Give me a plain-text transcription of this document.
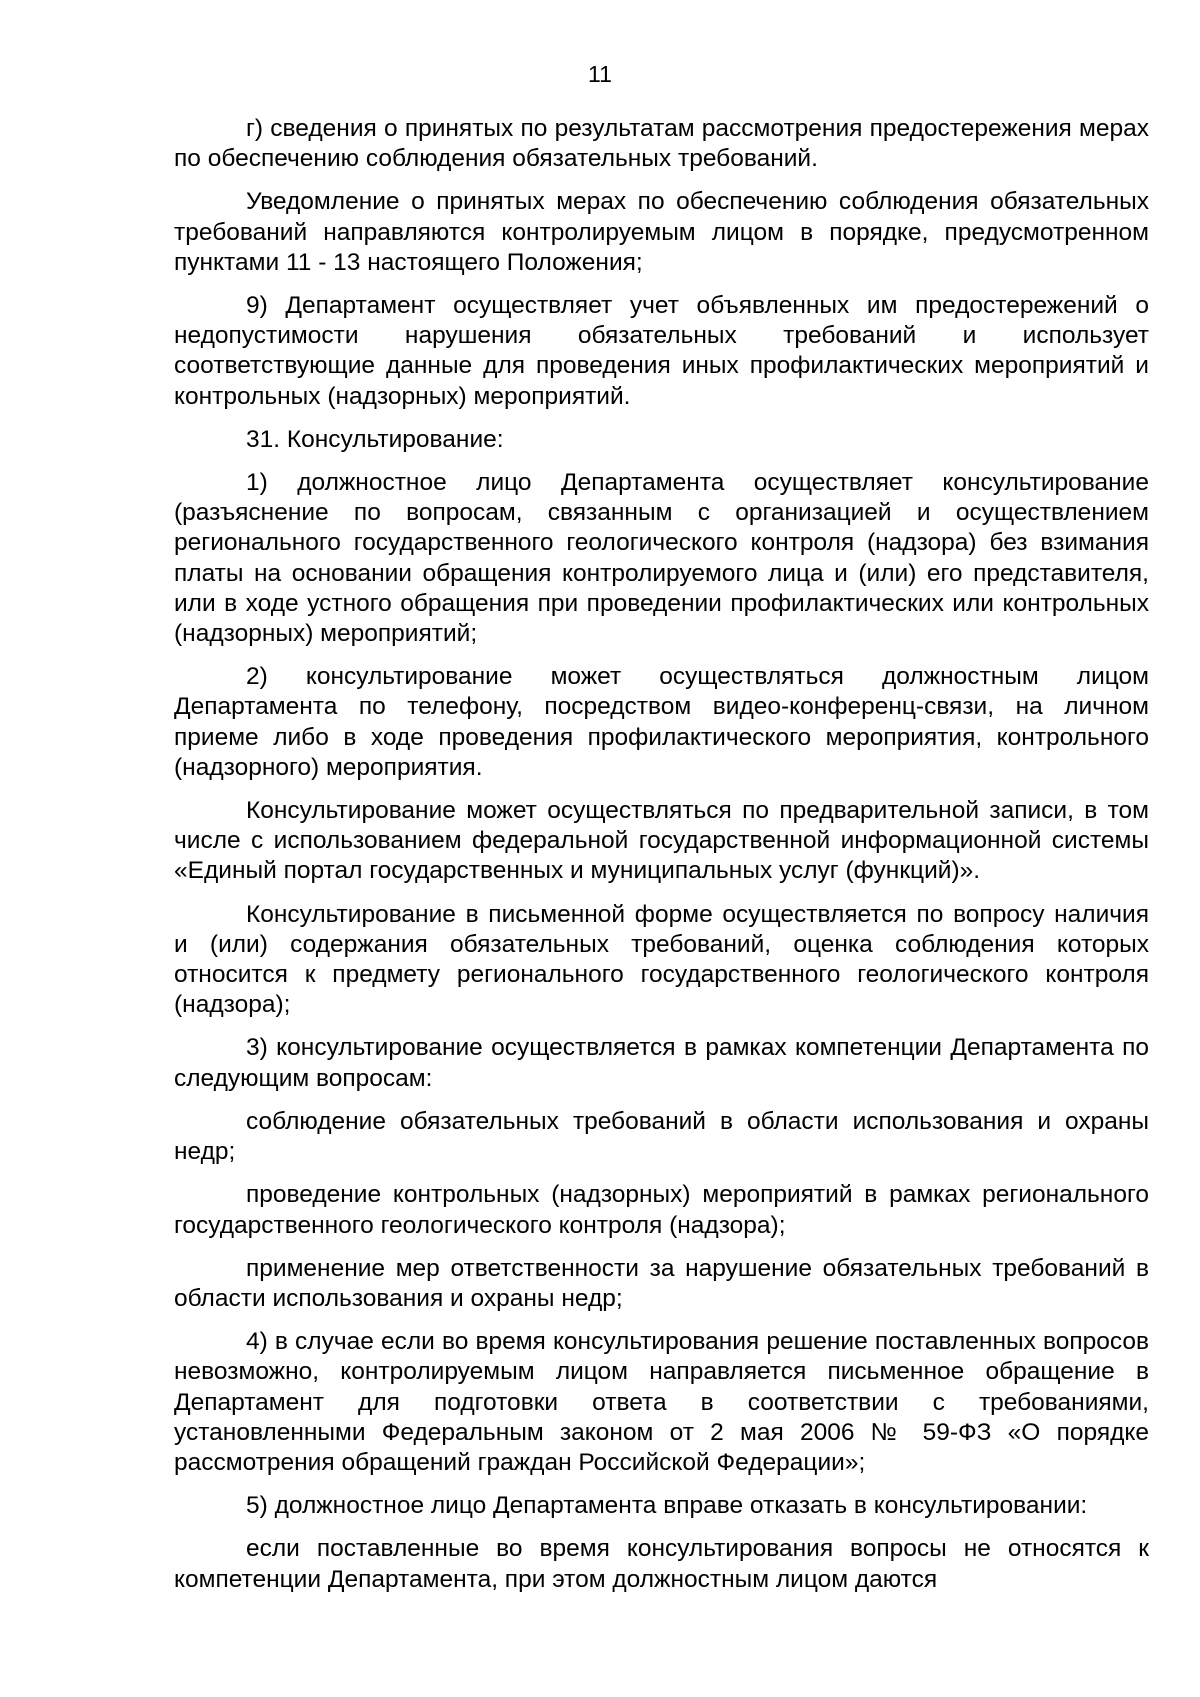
11

г) сведения о принятых по результатам рассмотрения предостережения мерах по обеспечению соблюдения обязательных требований.

Уведомление о принятых мерах по обеспечению соблюдения обязательных требований направляются контролируемым лицом в порядке, предусмотренном пунктами 11 - 13 настоящего Положения;

9) Департамент осуществляет учет объявленных им предостережений о недопустимости нарушения обязательных требований и использует соответствующие данные для проведения иных профилактических мероприятий и контрольных (надзорных) мероприятий.

31. Консультирование:

1) должностное лицо Департамента осуществляет консультирование (разъяснение по вопросам, связанным с организацией и осуществлением регионального государственного геологического контроля (надзора) без взимания платы на основании обращения контролируемого лица и (или) его представителя, или в ходе устного обращения при проведении профилактических или контрольных (надзорных) мероприятий;

2) консультирование может осуществляться должностным лицом Департамента по телефону, посредством видео-конференц-связи, на личном приеме либо в ходе проведения профилактического мероприятия, контрольного (надзорного) мероприятия.

Консультирование может осуществляться по предварительной записи, в том числе с использованием федеральной государственной информационной системы «Единый портал государственных и муниципальных услуг (функций)».

Консультирование в письменной форме осуществляется по вопросу наличия и (или) содержания обязательных требований, оценка соблюдения которых относится к предмету регионального государственного геологического контроля (надзора);

3) консультирование осуществляется в рамках компетенции Департамента по следующим вопросам:

соблюдение обязательных требований в области использования и охраны недр;

проведение контрольных (надзорных) мероприятий в рамках регионального государственного геологического контроля (надзора);

применение мер ответственности за нарушение обязательных требований в области использования и охраны недр;

4) в случае если во время консультирования решение поставленных вопросов невозможно, контролируемым лицом направляется письменное обращение в Департамент для подготовки ответа в соответствии с требованиями, установленными Федеральным законом от 2 мая 2006 № 59-ФЗ «О порядке рассмотрения обращений граждан Российской Федерации»;

5) должностное лицо Департамента вправе отказать в консультировании:

если поставленные во время консультирования вопросы не относятся к компетенции Департамента, при этом должностным лицом даются
